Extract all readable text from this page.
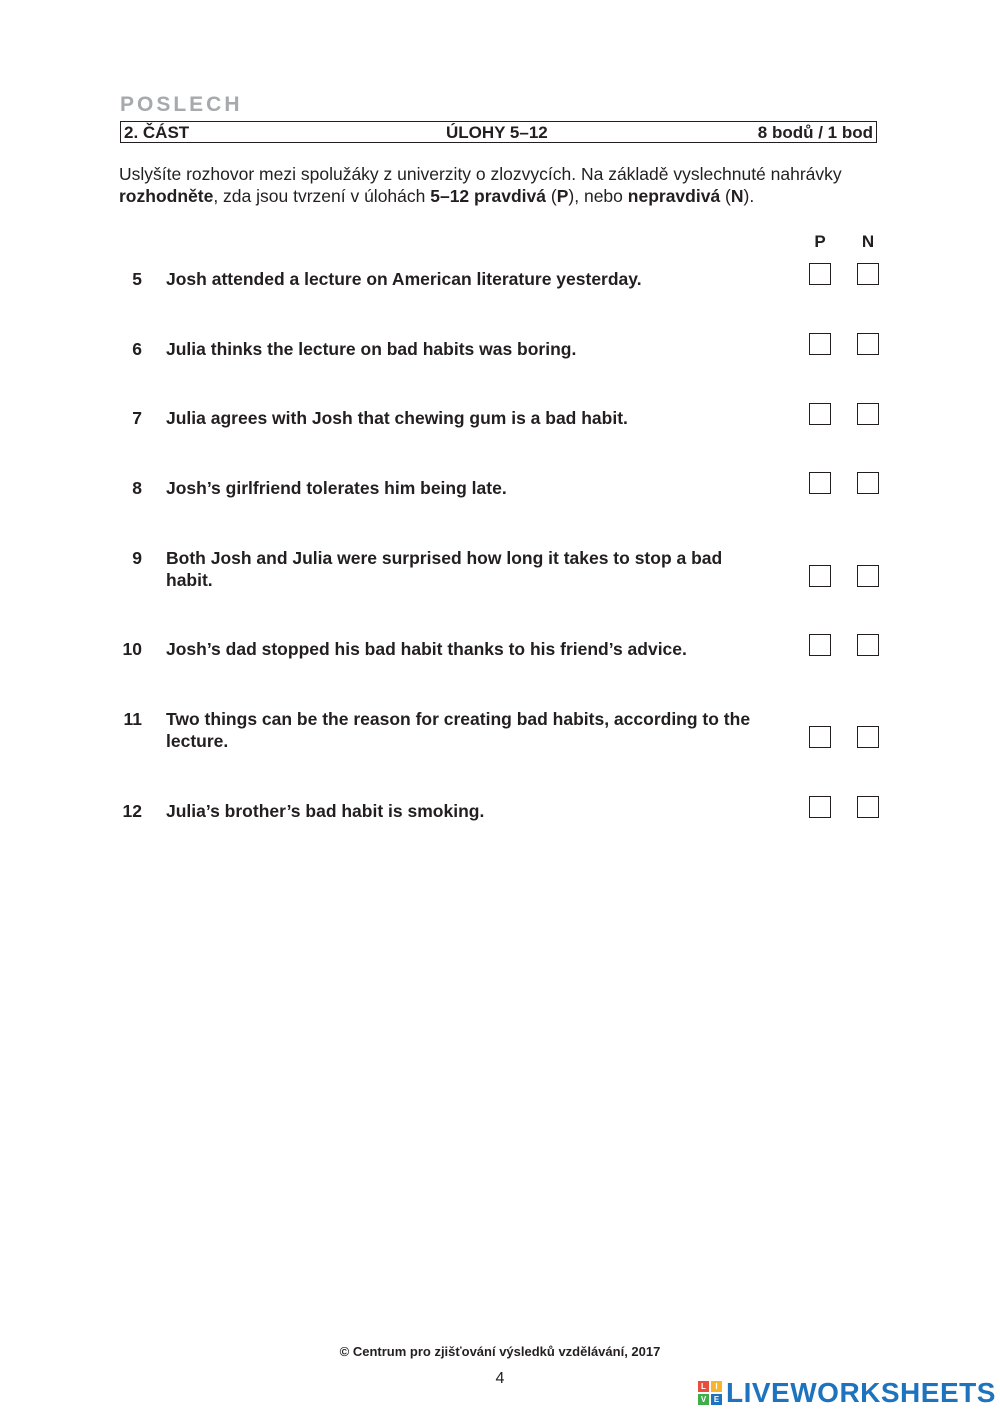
POSLECH
2. ČÁST	ÚLOHY 5–12	8 bodů / 1 bod
Uslyšíte rozhovor mezi spolužáky z univerzity o zlozvycích. Na základě vyslechnuté nahrávky rozhodněte, zda jsou tvrzení v úlohách 5–12 pravdivá (P), nebo nepravdivá (N).
P	N
5 Josh attended a lecture on American literature yesterday.
6 Julia thinks the lecture on bad habits was boring.
7 Julia agrees with Josh that chewing gum is a bad habit.
8 Josh’s girlfriend tolerates him being late.
9 Both Josh and Julia were surprised how long it takes to stop a bad habit.
10 Josh’s dad stopped his bad habit thanks to his friend’s advice.
11 Two things can be the reason for creating bad habits, according to the lecture.
12 Julia’s brother’s bad habit is smoking.
© Centrum pro zjišťování výsledků vzdělávání, 2017
4	L	I
V E LIVEWORKSHEETS
